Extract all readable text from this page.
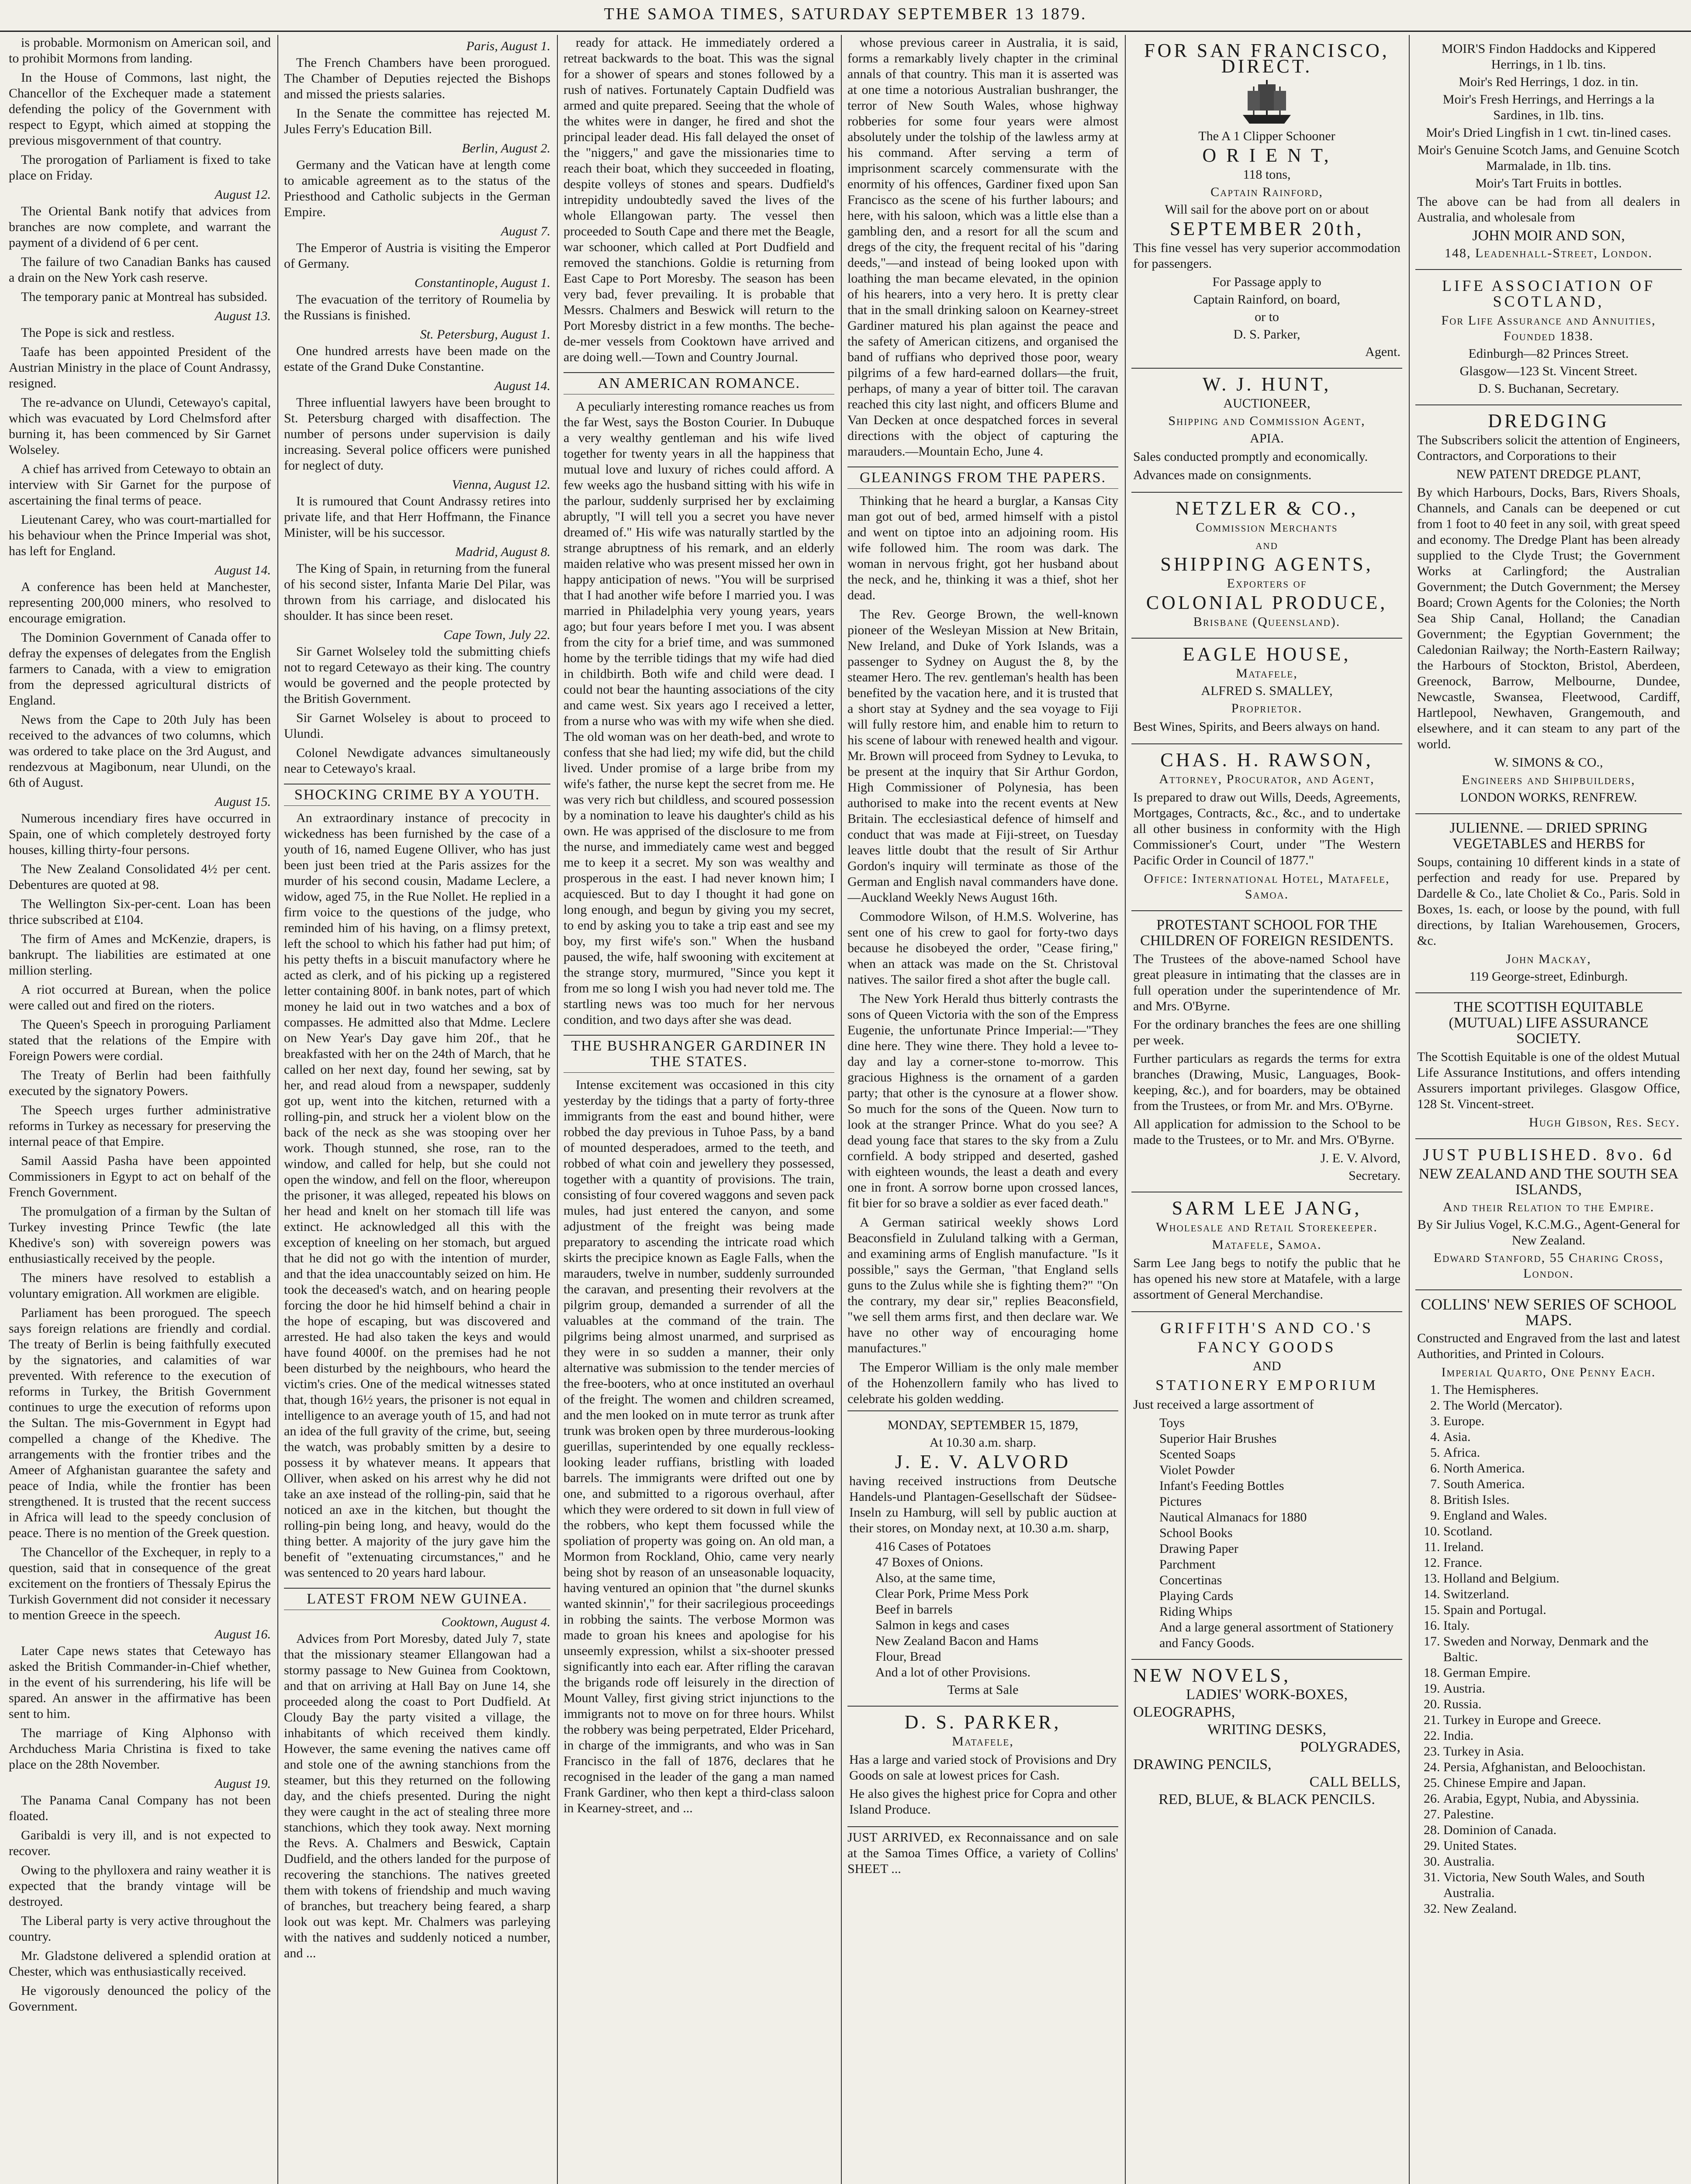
THE SAMOA TIMES, SATURDAY SEPTEMBER 13 1879.

is probable. Mormonism on American soil, and to prohibit Mormons from landing.

In the House of Commons, last night, the Chancellor of the Exchequer made a statement defending the policy of the Government with respect to Egypt, which aimed at stopping the previous misgovernment of that country.

The prorogation of Parliament is fixed to take place on Friday.

August 12.

The Oriental Bank notify that advices from branches are now complete, and warrant the payment of a dividend of 6 per cent.

The failure of two Canadian Banks has caused a drain on the New York cash reserve.

The temporary panic at Montreal has subsided.

August 13.

The Pope is sick and restless.

Taafe has been appointed President of the Austrian Ministry in the place of Count Andrassy, resigned.

The re-advance on Ulundi, Cetewayo's capital, which was evacuated by Lord Chelmsford after burning it, has been commenced by Sir Garnet Wolseley.

A chief has arrived from Cetewayo to obtain an interview with Sir Garnet for the purpose of ascertaining the final terms of peace.

Lieutenant Carey, who was court-martialled for his behaviour when the Prince Imperial was shot, has left for England.

August 14.

A conference has been held at Manchester, representing 200,000 miners, who resolved to encourage emigration.

The Dominion Government of Canada offer to defray the expenses of delegates from the English farmers to Canada, with a view to emigration from the depressed agricultural districts of England.

News from the Cape to 20th July has been received to the advances of two columns, which was ordered to take place on the 3rd August, and rendezvous at Magibonum, near Ulundi, on the 6th of August.

August 15.

Numerous incendiary fires have occurred in Spain, one of which completely destroyed forty houses, killing thirty-four persons.

The New Zealand Consolidated 4½ per cent. Debentures are quoted at 98.

The Wellington Six-per-cent. Loan has been thrice subscribed at £104.

The firm of Ames and McKenzie, drapers, is bankrupt. The liabilities are estimated at one million sterling.

A riot occurred at Burean, when the police were called out and fired on the rioters.

The Queen's Speech in proroguing Parliament stated that the relations of the Empire with Foreign Powers were cordial.

The Treaty of Berlin had been faithfully executed by the signatory Powers.

The Speech urges further administrative reforms in Turkey as necessary for preserving the internal peace of that Empire.

Samil Aassid Pasha have been appointed Commissioners in Egypt to act on behalf of the French Government.

The promulgation of a firman by the Sultan of Turkey investing Prince Tewfic (the late Khedive's son) with sovereign powers was enthusiastically received by the people.

The miners have resolved to establish a voluntary emigration. All workmen are eligible.

Parliament has been prorogued. The speech says foreign relations are friendly and cordial. The treaty of Berlin is being faithfully executed by the signatories, and calamities of war prevented. With reference to the execution of reforms in Turkey, the British Government continues to urge the execution of reforms upon the Sultan. The mis-Government in Egypt had compelled a change of the Khedive. The arrangements with the frontier tribes and the Ameer of Afghanistan guarantee the safety and peace of India, while the frontier has been strengthened. It is trusted that the recent success in Africa will lead to the speedy conclusion of peace. There is no mention of the Greek question.

The Chancellor of the Exchequer, in reply to a question, said that in consequence of the great excitement on the frontiers of Thessaly Epirus the Turkish Government did not consider it necessary to mention Greece in the speech.

August 16.

Later Cape news states that Cetewayo has asked the British Commander-in-Chief whether, in the event of his surrendering, his life will be spared. An answer in the affirmative has been sent to him.

The marriage of King Alphonso with Archduchess Maria Christina is fixed to take place on the 28th November.

August 19.

The Panama Canal Company has not been floated.

Garibaldi is very ill, and is not expected to recover.

Owing to the phylloxera and rainy weather it is expected that the brandy vintage will be destroyed.

The Liberal party is very active throughout the country.

Mr. Gladstone delivered a splendid oration at Chester, which was enthusiastically received.

He vigorously denounced the policy of the Government.

Paris, August 1.

The French Chambers have been prorogued. The Chamber of Deputies rejected the Bishops and missed the priests salaries.

In the Senate the committee has rejected M. Jules Ferry's Education Bill.

Berlin, August 2.

Germany and the Vatican have at length come to amicable agreement as to the status of the Priesthood and Catholic subjects in the German Empire.

August 7.

The Emperor of Austria is visiting the Emperor of Germany.

Constantinople, August 1.

The evacuation of the territory of Roumelia by the Russians is finished.

St. Petersburg, August 1.

One hundred arrests have been made on the estate of the Grand Duke Constantine.

August 14.

Three influential lawyers have been brought to St. Petersburg charged with disaffection. The number of persons under supervision is daily increasing. Several police officers were punished for neglect of duty.

Vienna, August 12.

It is rumoured that Count Andrassy retires into private life, and that Herr Hoffmann, the Finance Minister, will be his successor.

Madrid, August 8.

The King of Spain, in returning from the funeral of his second sister, Infanta Marie Del Pilar, was thrown from his carriage, and dislocated his shoulder. It has since been reset.

Cape Town, July 22.

Sir Garnet Wolseley told the submitting chiefs not to regard Cetewayo as their king. The country would be governed and the people protected by the British Government.

Sir Garnet Wolseley is about to proceed to Ulundi.

Colonel Newdigate advances simultaneously near to Cetewayo's kraal.

SHOCKING CRIME BY A YOUTH.

An extraordinary instance of precocity in wickedness has been furnished by the case of a youth of 16, named Eugene Olliver, who has just been just been tried at the Paris assizes for the murder of his second cousin, Madame Leclere, a widow, aged 75, in the Rue Nollet. He replied in a firm voice to the questions of the judge, who reminded him of his having, on a flimsy pretext, left the school to which his father had put him; of his petty thefts in a biscuit manufactory where he acted as clerk, and of his picking up a registered letter containing 800f. in bank notes, part of which money he laid out in two watches and a box of compasses. He admitted also that Mdme. Leclere on New Year's Day gave him 20f., that he breakfasted with her on the 24th of March, that he called on her next day, found her sewing, sat by her, and read aloud from a newspaper, suddenly got up, went into the kitchen, returned with a rolling-pin, and struck her a violent blow on the back of the neck as she was stooping over her work. Though stunned, she rose, ran to the window, and called for help, but she could not open the window, and fell on the floor, whereupon the prisoner, it was alleged, repeated his blows on her head and knelt on her stomach till life was extinct. He acknowledged all this with the exception of kneeling on her stomach, but argued that he did not go with the intention of murder, and that the idea unaccountably seized on him. He took the deceased's watch, and on hearing people forcing the door he hid himself behind a chair in the hope of escaping, but was discovered and arrested. He had also taken the keys and would have found 4000f. on the premises had he not been disturbed by the neighbours, who heard the victim's cries. One of the medical witnesses stated that, though 16½ years, the prisoner is not equal in intelligence to an average youth of 15, and had not an idea of the full gravity of the crime, but, seeing the watch, was probably smitten by a desire to possess it by whatever means. It appears that Olliver, when asked on his arrest why he did not take an axe instead of the rolling-pin, said that he noticed an axe in the kitchen, but thought the rolling-pin being long, and heavy, would do the thing better. A majority of the jury gave him the benefit of "extenuating circumstances," and he was sentenced to 20 years hard labour.

LATEST FROM NEW GUINEA.
Cooktown, August 4.

Advices from Port Moresby, dated July 7, state that the missionary steamer Ellangowan had a stormy passage to New Guinea from Cooktown, and that on arriving at Hall Bay on June 14, she proceeded along the coast to Port Dudfield. At Cloudy Bay the party visited a village, the inhabitants of which received them kindly. However, the same evening the natives came off and stole one of the awning stanchions from the steamer, but this they returned on the following day, and the chiefs presented. During the night they were caught in the act of stealing three more stanchions, which they took away. Next morning the Revs. A. Chalmers and Beswick, Captain Dudfield, and the others landed for the purpose of recovering the stanchions. The natives greeted them with tokens of friendship and much waving of branches, but treachery being feared, a sharp look out was kept. Mr. Chalmers was parleying with the natives and suddenly noticed a number, and ...

ready for attack. He immediately ordered a retreat backwards to the boat. This was the signal for a shower of spears and stones followed by a rush of natives. Fortunately Captain Dudfield was armed and quite prepared. Seeing that the whole of the whites were in danger, he fired and shot the principal leader dead. His fall delayed the onset of the "niggers," and gave the missionaries time to reach their boat, which they succeeded in floating, despite volleys of stones and spears. Dudfield's intrepidity undoubtedly saved the lives of the whole Ellangowan party. The vessel then proceeded to South Cape and there met the Beagle, war schooner, which called at Port Dudfield and removed the stanchions. Goldie is returning from East Cape to Port Moresby. The season has been very bad, fever prevailing. It is probable that Messrs. Chalmers and Beswick will return to the Port Moresby district in a few months. The beche-de-mer vessels from Cooktown have arrived and are doing well.—Town and Country Journal.

AN AMERICAN ROMANCE.

A peculiarly interesting romance reaches us from the far West, says the Boston Courier. In Dubuque a very wealthy gentleman and his wife lived together for twenty years in all the happiness that mutual love and luxury of riches could afford. A few weeks ago the husband sitting with his wife in the parlour, suddenly surprised her by exclaiming abruptly, "I will tell you a secret you have never dreamed of." His wife was naturally startled by the strange abruptness of his remark, and an elderly maiden relative who was present missed her own in happy anticipation of news. "You will be surprised that I had another wife before I married you. I was married in Philadelphia very young years, years ago; but four years before I met you. I was absent from the city for a brief time, and was summoned home by the terrible tidings that my wife had died in childbirth. Both wife and child were dead. I could not bear the haunting associations of the city and came west. Six years ago I received a letter, from a nurse who was with my wife when she died. The old woman was on her death-bed, and wrote to confess that she had lied; my wife did, but the child lived. Under promise of a large bribe from my wife's father, the nurse kept the secret from me. He was very rich but childless, and scoured possession by a nomination to leave his daughter's child as his own. He was apprised of the disclosure to me from the nurse, and immediately came west and begged me to keep it a secret. My son was wealthy and prosperous in the east. I had never known him; I acquiesced. But to day I thought it had gone on long enough, and begun by giving you my secret, to end by asking you to take a trip east and see my boy, my first wife's son." When the husband paused, the wife, half swooning with excitement at the strange story, murmured, "Since you kept it from me so long I wish you had never told me. The startling news was too much for her nervous condition, and two days after she was dead.

THE BUSHRANGER GARDINER IN THE STATES.

Intense excitement was occasioned in this city yesterday by the tidings that a party of forty-three immigrants from the east and bound hither, were robbed the day previous in Tuhoe Pass, by a band of mounted desperadoes, armed to the teeth, and robbed of what coin and jewellery they possessed, together with a quantity of provisions. The train, consisting of four covered waggons and seven pack mules, had just entered the canyon, and some adjustment of the freight was being made preparatory to ascending the intricate road which skirts the precipice known as Eagle Falls, when the marauders, twelve in number, suddenly surrounded the caravan, and presenting their revolvers at the pilgrim group, demanded a surrender of all the valuables at the command of the train. The pilgrims being almost unarmed, and surprised as they were in so sudden a manner, their only alternative was submission to the tender mercies of the free-booters, who at once instituted an overhaul of the freight. The women and children screamed, and the men looked on in mute terror as trunk after trunk was broken open by three murderous-looking guerillas, superintended by one equally reckless-looking leader ruffians, bristling with loaded barrels. The immigrants were drifted out one by one, and submitted to a rigorous overhaul, after which they were ordered to sit down in full view of the robbers, who kept them focussed while the spoliation of property was going on. An old man, a Mormon from Rockland, Ohio, came very nearly being shot by reason of an unseasonable loquacity, having ventured an opinion that "the durnel skunks wanted skinnin'," for their sacrilegious proceedings in robbing the saints. The verbose Mormon was made to groan his knees and apologise for his unseemly expression, whilst a six-shooter pressed significantly into each ear. After rifling the caravan the brigands rode off leisurely in the direction of Mount Valley, first giving strict injunctions to the immigrants not to move on for three hours. Whilst the robbery was being perpetrated, Elder Pricehard, in charge of the immigrants, and who was in San Francisco in the fall of 1876, declares that he recognised in the leader of the gang a man named Frank Gardiner, who then kept a third-class saloon in Kearney-street, and ...

whose previous career in Australia, it is said, forms a remarkably lively chapter in the criminal annals of that country. This man it is asserted was at one time a notorious Australian bushranger, the terror of New South Wales, whose highway robberies for some four years were almost absolutely under the tolship of the lawless army at his command. After serving a term of imprisonment scarcely commensurate with the enormity of his offences, Gardiner fixed upon San Francisco as the scene of his further labours; and here, with his saloon, which was a little else than a gambling den, and a resort for all the scum and dregs of the city, the frequent recital of his "daring deeds,"—and instead of being looked upon with loathing the man became elevated, in the opinion of his hearers, into a very hero. It is pretty clear that in the small drinking saloon on Kearney-street Gardiner matured his plan against the peace and the safety of American citizens, and organised the band of ruffians who deprived those poor, weary pilgrims of a few hard-earned dollars—the fruit, perhaps, of many a year of bitter toil. The caravan reached this city last night, and officers Blume and Van Decken at once despatched forces in several directions with the object of capturing the marauders.—Mountain Echo, June 4.

GLEANINGS FROM THE PAPERS.

Thinking that he heard a burglar, a Kansas City man got out of bed, armed himself with a pistol and went on tiptoe into an adjoining room. His wife followed him. The room was dark. The woman in nervous fright, got her husband about the neck, and he, thinking it was a thief, shot her dead.

The Rev. George Brown, the well-known pioneer of the Wesleyan Mission at New Britain, New Ireland, and Duke of York Islands, was a passenger to Sydney on August the 8, by the steamer Hero. The rev. gentleman's health has been benefited by the vacation here, and it is trusted that a short stay at Sydney and the sea voyage to Fiji will fully restore him, and enable him to return to his scene of labour with renewed health and vigour. Mr. Brown will proceed from Sydney to Levuka, to be present at the inquiry that Sir Arthur Gordon, High Commissioner of Polynesia, has been authorised to make into the recent events at New Britain. The ecclesiastical defence of himself and conduct that was made at Fiji-street, on Tuesday leaves little doubt that the result of Sir Arthur Gordon's inquiry will terminate as those of the German and English naval commanders have done.—Auckland Weekly News August 16th.

Commodore Wilson, of H.M.S. Wolverine, has sent one of his crew to gaol for forty-two days because he disobeyed the order, "Cease firing," when an attack was made on the St. Christoval natives. The sailor fired a shot after the bugle call.

The New York Herald thus bitterly contrasts the sons of Queen Victoria with the son of the Empress Eugenie, the unfortunate Prince Imperial:—"They dine here. They wine there. They hold a levee to-day and lay a corner-stone to-morrow. This gracious Highness is the ornament of a garden party; that other is the cynosure at a flower show. So much for the sons of the Queen. Now turn to look at the stranger Prince. What do you see? A dead young face that stares to the sky from a Zulu cornfield. A body stripped and deserted, gashed with eighteen wounds, the least a death and every one in front. A sorrow borne upon crossed lances, fit bier for so brave a soldier as ever faced death."

A German satirical weekly shows Lord Beaconsfield in Zululand talking with a German, and examining arms of English manufacture. "Is it possible," says the German, "that England sells guns to the Zulus while she is fighting them?" "On the contrary, my dear sir," replies Beaconsfield, "we sell them arms first, and then declare war. We have no other way of encouraging home manufactures."

The Emperor William is the only male member of the Hohenzollern family who has lived to celebrate his golden wedding.

MONDAY, SEPTEMBER 15, 1879,
At 10.30 a.m. sharp.
J. E. V. ALVORD
having received instructions from Deutsche Handels-und Plantagen-Gesellschaft der Südsee-Inseln zu Hamburg, will sell by public auction at their stores, on Monday next, at 10.30 a.m. sharp,
416 Cases of Potatoes
47 Boxes of Onions.
Also, at the same time,
Clear Pork, Prime Mess Pork
Beef in barrels
Salmon in kegs and cases
New Zealand Bacon and Hams
Flour, Bread
And a lot of other Provisions.
Terms at Sale
D. S. PARKER,
Matafele,
Has a large and varied stock of Provisions and Dry Goods on sale at lowest prices for Cash.
He also gives the highest price for Copra and other Island Produce.
JUST ARRIVED, ex Reconnaissance and on sale at the Samoa Times Office, a variety of Collins' SHEET ...
FOR SAN FRANCISCO, DIRECT.
The A 1 Clipper Schooner
O R I E N T,
118 tons,
Captain Rainford,
Will sail for the above port on or about
SEPTEMBER 20th,
This fine vessel has very superior accommodation for passengers.
For Passage apply to
Captain Rainford, on board,
or to
D. S. Parker,
Agent.
W. J. HUNT,
AUCTIONEER,
Shipping and Commission Agent,
APIA.
Sales conducted promptly and economically.
Advances made on consignments.
NETZLER & CO.,
Commission Merchants
and
SHIPPING AGENTS,
Exporters of
COLONIAL PRODUCE,
Brisbane (Queensland).
EAGLE HOUSE,
Matafele,
ALFRED S. SMALLEY,
Proprietor.
Best Wines, Spirits, and Beers always on hand.
CHAS. H. RAWSON,
Attorney, Procurator, and Agent,
Is prepared to draw out Wills, Deeds, Agreements, Mortgages, Contracts, &c., &c., and to undertake all other business in conformity with the High Commissioner's Court, under "The Western Pacific Order in Council of 1877."
Office: International Hotel, Matafele, Samoa.
PROTESTANT SCHOOL FOR THE CHILDREN OF FOREIGN RESIDENTS.
The Trustees of the above-named School have great pleasure in intimating that the classes are in full operation under the superintendence of Mr. and Mrs. O'Byrne.
For the ordinary branches the fees are one shilling per week.
Further particulars as regards the terms for extra branches (Drawing, Music, Languages, Book-keeping, &c.), and for boarders, may be obtained from the Trustees, or from Mr. and Mrs. O'Byrne.
All application for admission to the School to be made to the Trustees, or to Mr. and Mrs. O'Byrne.
J. E. V. Alvord,
Secretary.
SARM LEE JANG,
Wholesale and Retail Storekeeper.
Matafele, Samoa.
Sarm Lee Jang begs to notify the public that he has opened his new store at Matafele, with a large assortment of General Merchandise.
GRIFFITH'S AND CO.'S
FANCY GOODS
AND
STATIONERY EMPORIUM
Just received a large assortment of
Toys
Superior Hair Brushes
Scented Soaps
Violet Powder
Infant's Feeding Bottles
Pictures
Nautical Almanacs for 1880
School Books
Drawing Paper
Parchment
Concertinas
Playing Cards
Riding Whips
And a large general assortment of Stationery and Fancy Goods.
NEW NOVELS,
LADIES' WORK-BOXES,
OLEOGRAPHS,
WRITING DESKS,
POLYGRADES,
DRAWING PENCILS,
CALL BELLS,
RED, BLUE, & BLACK PENCILS.
MOIR'S Findon Haddocks and Kippered Herrings, in 1 lb. tins.
Moir's Red Herrings, 1 doz. in tin.
Moir's Fresh Herrings, and Herrings a la Sardines, in 1lb. tins.
Moir's Dried Lingfish in 1 cwt. tin-lined cases.
Moir's Genuine Scotch Jams, and Genuine Scotch Marmalade, in 1lb. tins.
Moir's Tart Fruits in bottles.
The above can be had from all dealers in Australia, and wholesale from
JOHN MOIR AND SON,
148, Leadenhall-Street, London.
LIFE ASSOCIATION OF SCOTLAND,
For Life Assurance and Annuities, Founded 1838.
Edinburgh—82 Princes Street.
Glasgow—123 St. Vincent Street.
D. S. Buchanan, Secretary.
DREDGING
The Subscribers solicit the attention of Engineers, Contractors, and Corporations to their
NEW PATENT DREDGE PLANT,
By which Harbours, Docks, Bars, Rivers Shoals, Channels, and Canals can be deepened or cut from 1 foot to 40 feet in any soil, with great speed and economy. The Dredge Plant has been already supplied to the Clyde Trust; the Government Works at Carlingford; the Australian Government; the Dutch Government; the Mersey Board; Crown Agents for the Colonies; the North Sea Ship Canal, Holland; the Canadian Government; the Egyptian Government; the Caledonian Railway; the North-Eastern Railway; the Harbours of Stockton, Bristol, Aberdeen, Greenock, Barrow, Melbourne, Dundee, Newcastle, Swansea, Fleetwood, Cardiff, Hartlepool, Newhaven, Grangemouth, and elsewhere, and it can steam to any part of the world.
W. SIMONS & CO.,
Engineers and Shipbuilders,
LONDON WORKS, RENFREW.
JULIENNE. — DRIED SPRING VEGETABLES and HERBS for
Soups, containing 10 different kinds in a state of perfection and ready for use. Prepared by Dardelle & Co., late Choliet & Co., Paris. Sold in Boxes, 1s. each, or loose by the pound, with full directions, by Italian Warehousemen, Grocers, &c.
John Mackay,
119 George-street, Edinburgh.
THE SCOTTISH EQUITABLE (MUTUAL) LIFE ASSURANCE SOCIETY.
The Scottish Equitable is one of the oldest Mutual Life Assurance Institutions, and offers intending Assurers important privileges. Glasgow Office, 128 St. Vincent-street.
Hugh Gibson, Res. Secy.
JUST PUBLISHED. 8vo. 6d
NEW ZEALAND AND THE SOUTH SEA ISLANDS,
And their Relation to the Empire.
By Sir Julius Vogel, K.C.M.G., Agent-General for New Zealand.
Edward Stanford, 55 Charing Cross, London.
COLLINS' NEW SERIES OF SCHOOL MAPS.
Constructed and Engraved from the last and latest Authorities, and Printed in Colours.
Imperial Quarto, One Penny Each.
1. The Hemispheres.
2. The World (Mercator).
3. Europe.
4. Asia.
5. Africa.
6. North America.
7. South America.
8. British Isles.
9. England and Wales.
10. Scotland.
11. Ireland.
12. France.
13. Holland and Belgium.
14. Switzerland.
15. Spain and Portugal.
16. Italy.
17. Sweden and Norway, Denmark and the Baltic.
18. German Empire.
19. Austria.
20. Russia.
21. Turkey in Europe and Greece.
22. India.
23. Turkey in Asia.
24. Persia, Afghanistan, and Beloochistan.
25. Chinese Empire and Japan.
26. Arabia, Egypt, Nubia, and Abyssinia.
27. Palestine.
28. Dominion of Canada.
29. United States.
30. Australia.
31. Victoria, New South Wales, and South Australia.
32. New Zealand.
